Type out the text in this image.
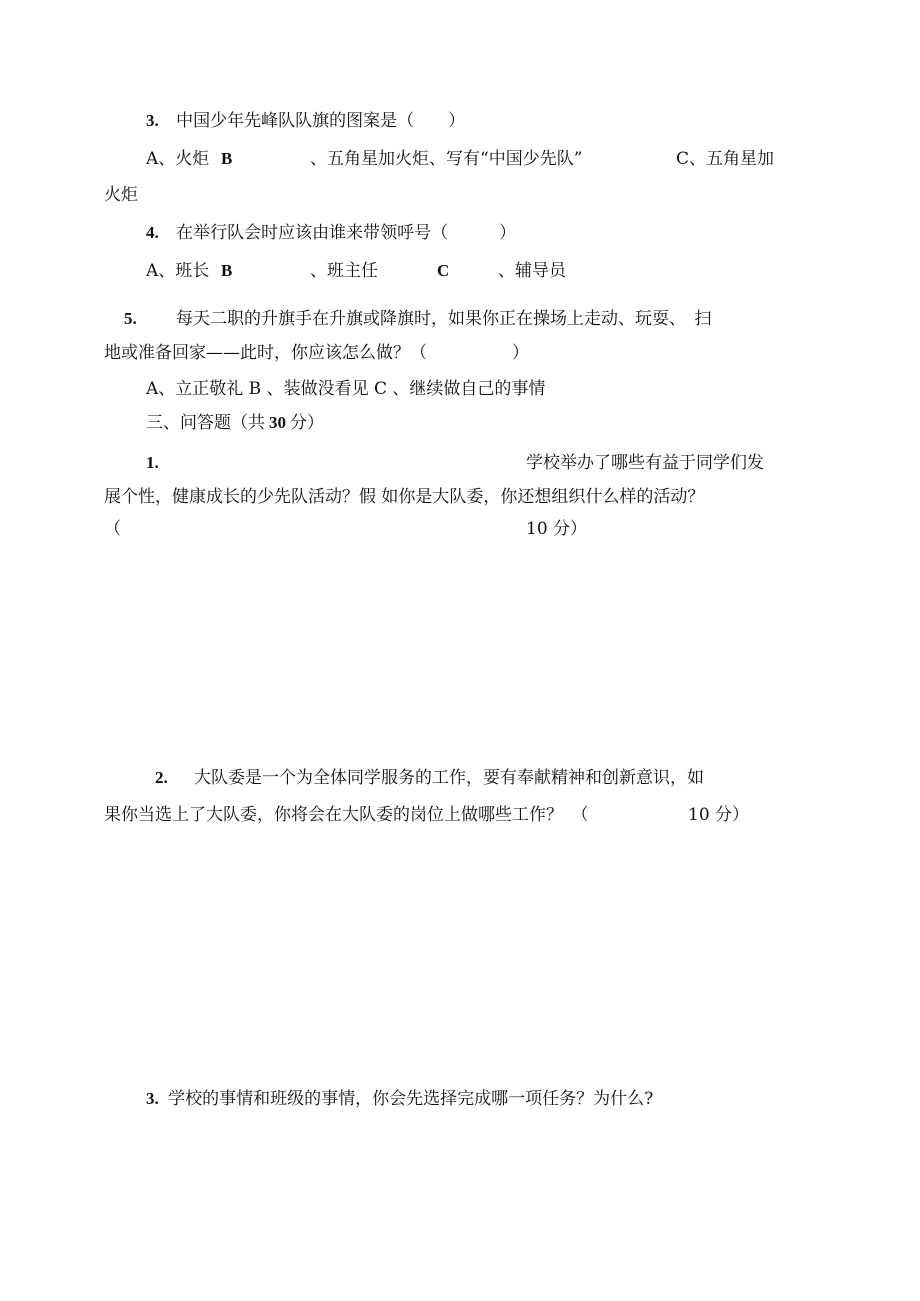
3. 中国少年先峰队队旗的图案是（　　）
A、火炬 B	、五角星加火炬、写有“中国少先队”	C、五角星加
火炬
4. 在举行队会时应该由谁来带领呼号（　　　）
A、班长 B	、班主任	C	、辅导员
5. 每天二职的升旗手在升旗或降旗时，如果你正在操场上走动、玩耍、　扫
地或准备回家——此时，你应该怎么做？（　　　　　）
A、立正敬礼 B 、装做没看见 C 、继续做自己的事情
三、问答题（共 30 分）
1.	学校举办了哪些有益于同学们发
展个性，健康成长的少先队活动？假 如你是大队委，你还想组织什么样的活动？
（	10 分）
2. 大队委是一个为全体同学服务的工作，要有奉献精神和创新意识，如
果你当选上了大队委，你将会在大队委的岗位上做哪些工作？　（	10 分）
3. 学校的事情和班级的事情，你会先选择完成哪一项任务？为什么?
